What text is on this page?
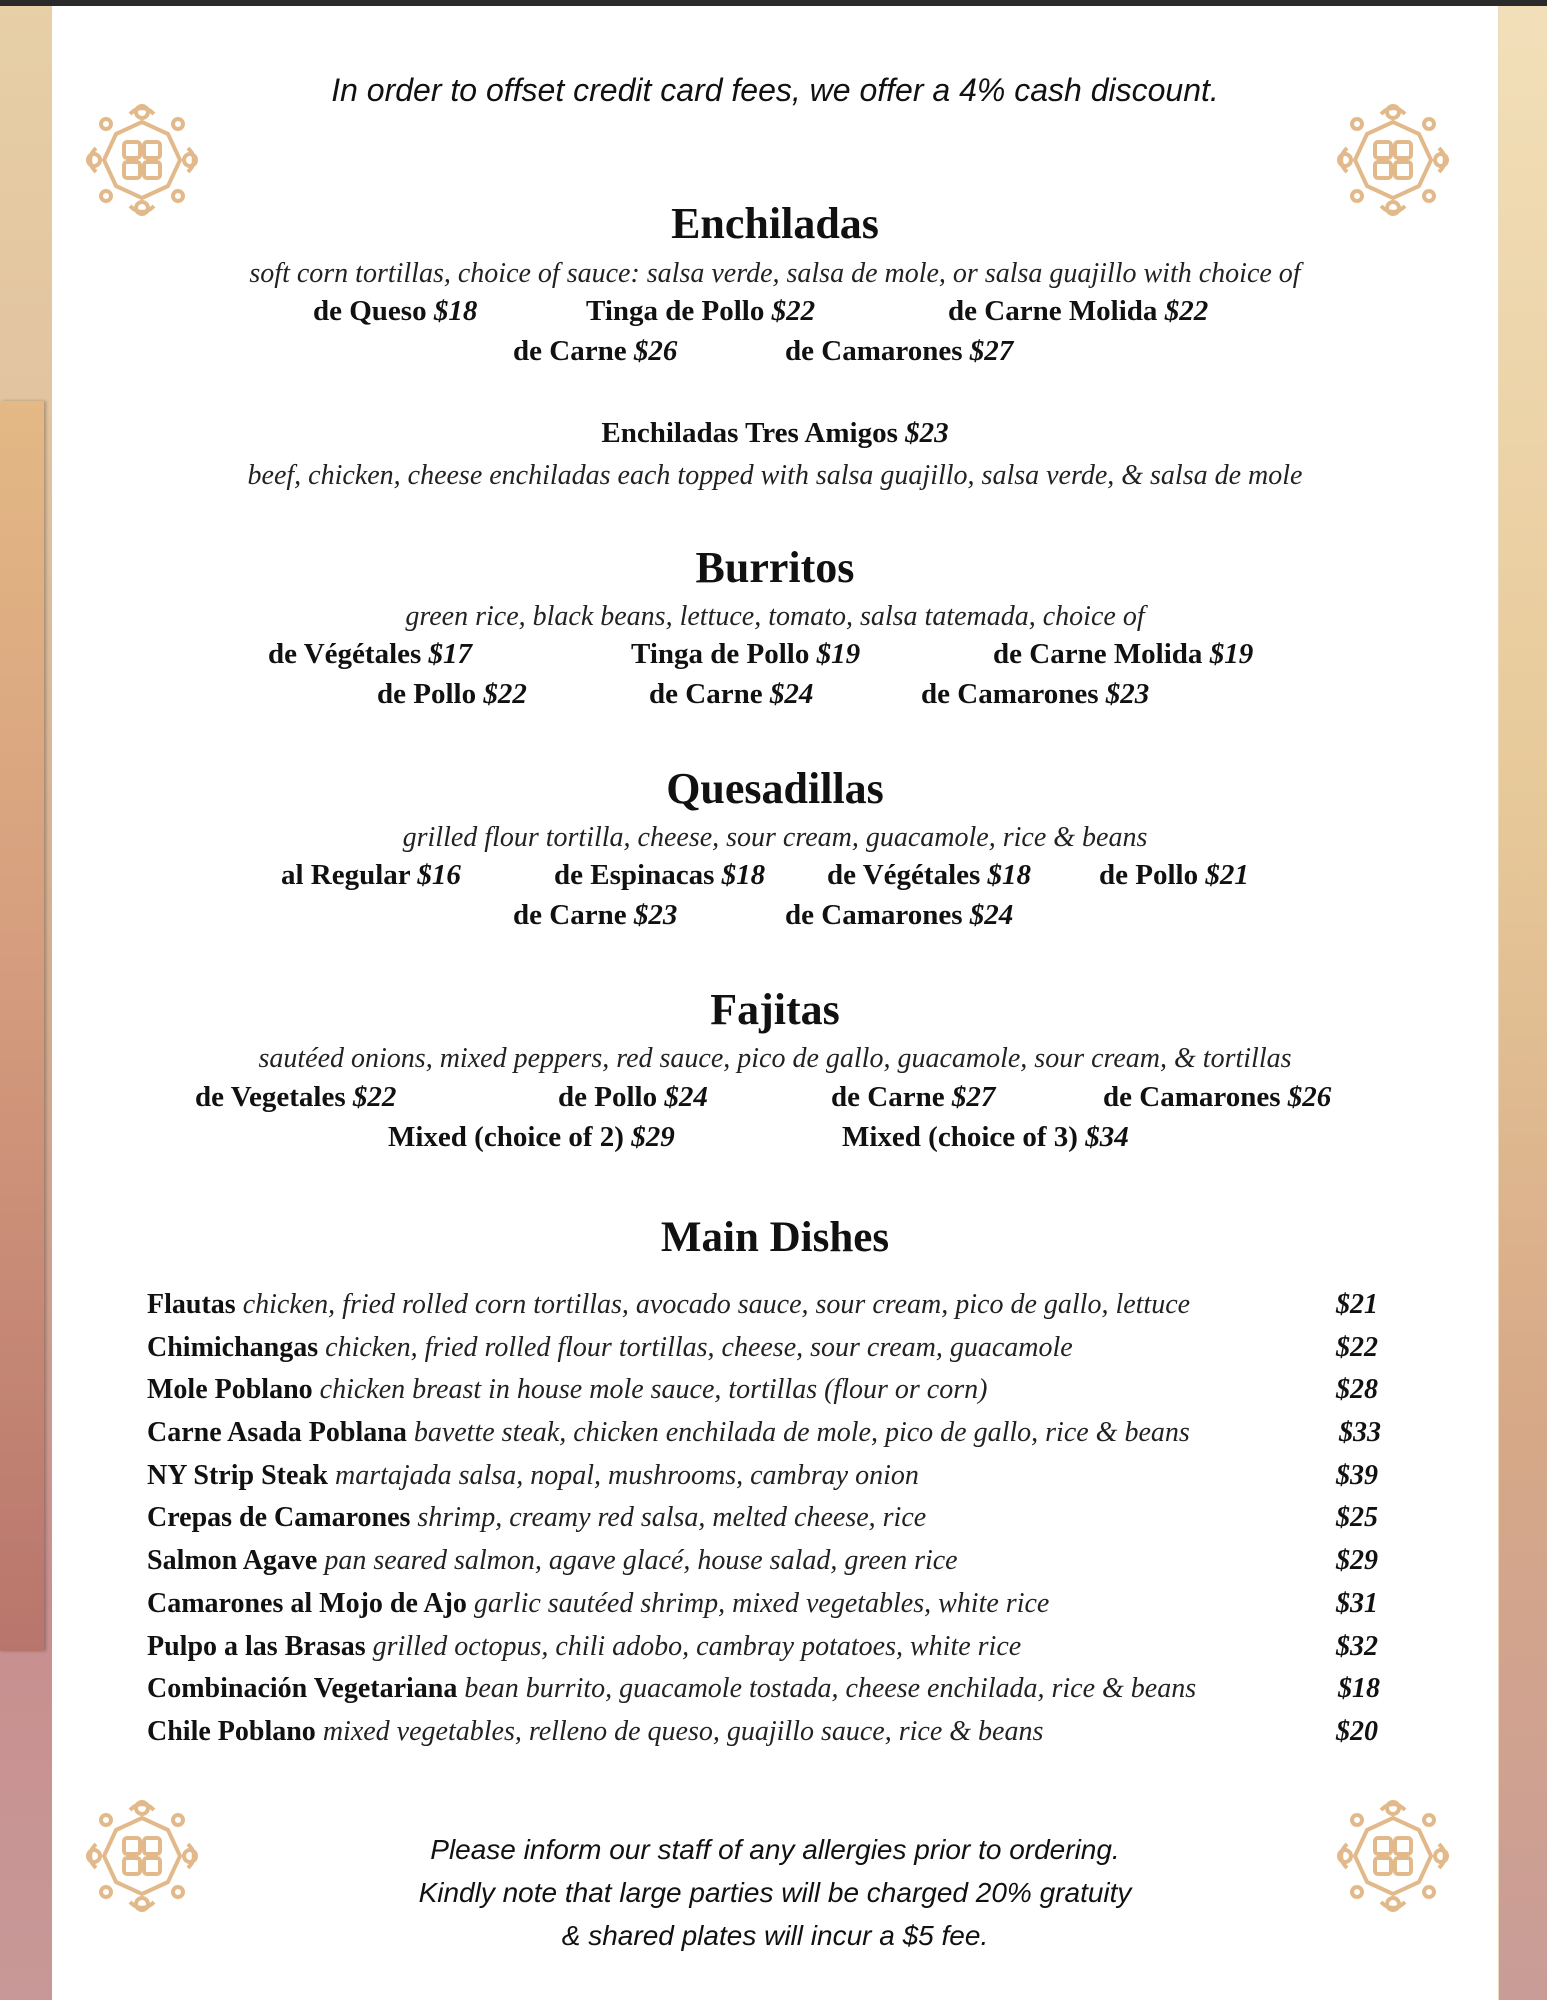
In order to offset credit card fees, we offer a 4% cash discount.
Enchiladas
soft corn tortillas, choice of sauce: salsa verde, salsa de mole, or salsa guajillo with choice of
de Queso $18	Tinga de Pollo $22	de Carne Molida $22
de Carne $26	de Camarones $27
Enchiladas Tres Amigos $23
beef, chicken, cheese enchiladas each topped with salsa guajillo, salsa verde, & salsa de mole
Burritos
green rice, black beans, lettuce, tomato, salsa tatemada, choice of
de Végétales $17	Tinga de Pollo $19	de Carne Molida $19
de Pollo $22	de Carne $24	de Camarones $23
Quesadillas
grilled flour tortilla, cheese, sour cream, guacamole, rice & beans
al Regular $16	de Espinacas $18 de Végétales $18 de Pollo $21
de Carne $23	de Camarones $24
Fajitas
sautéed onions, mixed peppers, red sauce, pico de gallo, guacamole, sour cream, & tortillas
de Vegetales $22	de Pollo $24	de Carne $27	de Camarones $26
Mixed (choice of 2) $29	Mixed (choice of 3) $34
Main Dishes
Flautas chicken, fried rolled corn tortillas, avocado sauce, sour cream, pico de gallo, lettuce	$21
Chimichangas chicken, fried rolled flour tortillas, cheese, sour cream, guacamole	$22
Mole Poblano chicken breast in house mole sauce, tortillas (flour or corn)	$28
Carne Asada Poblana bavette steak, chicken enchilada de mole, pico de gallo, rice & beans	$33
NY Strip Steak martajada salsa, nopal, mushrooms, cambray onion	$39
Crepas de Camarones shrimp, creamy red salsa, melted cheese, rice	$25
Salmon Agave pan seared salmon, agave glacé, house salad, green rice	$29
Camarones al Mojo de Ajo garlic sautéed shrimp, mixed vegetables, white rice	$31
Pulpo a las Brasas grilled octopus, chili adobo, cambray potatoes, white rice	$32
Combinación Vegetariana bean burrito, guacamole tostada, cheese enchilada, rice & beans	$18
Chile Poblano mixed vegetables, relleno de queso, guajillo sauce, rice & beans	$20
Please inform our staff of any allergies prior to ordering.
Kindly note that large parties will be charged 20% gratuity
& shared plates will incur a $5 fee.
